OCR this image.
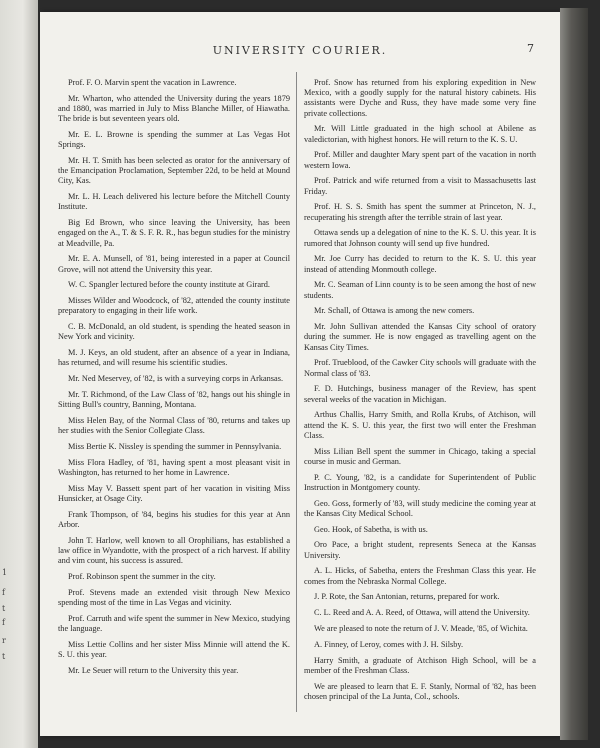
1
f
t
f
r
t
UNIVERSITY COURIER.	7

Prof. F. O. Marvin spent the vacation in Lawrence.

Mr. Wharton, who attended the University during the years 1879 and 1880, was married in July to Miss Blanche Miller, of Hiawatha. The bride is but seventeen years old.

Mr. E. L. Browne is spending the summer at Las Vegas Hot Springs.

Mr. H. T. Smith has been selected as orator for the anniversary of the Emancipation Proclamation, September 22d, to be held at Mound City, Kas.

Mr. L. H. Leach delivered his lecture before the Mitchell County Institute.

Big Ed Brown, who since leaving the University, has been engaged on the A., T. & S. F. R. R., has begun studies for the ministry at Meadville, Pa.

Mr. E. A. Munsell, of '81, being interested in a paper at Council Grove, will not attend the University this year.

W. C. Spangler lectured before the county institute at Girard.

Misses Wilder and Woodcock, of '82, attended the county institute preparatory to engaging in their life work.

C. B. McDonald, an old student, is spending the heated season in New York and vicinity.

M. J. Keys, an old student, after an absence of a year in Indiana, has returned, and will resume his scientific studies.

Mr. Ned Meservey, of '82, is with a surveying corps in Arkansas.

Mr. T. Richmond, of the Law Class of '82, hangs out his shingle in Sitting Bull's country, Banning, Montana.

Miss Helen Bay, of the Normal Class of '80, returns and takes up her studies with the Senior Collegiate Class.

Miss Bertie K. Nissley is spending the summer in Pennsylvania.

Miss Flora Hadley, of '81, having spent a most pleasant visit in Washington, has returned to her home in Lawrence.

Miss May V. Bassett spent part of her vacation in visiting Miss Hunsicker, at Osage City.

Frank Thompson, of '84, begins his studies for this year at Ann Arbor.

John T. Harlow, well known to all Orophilians, has established a law office in Wyandotte, with the prospect of a rich harvest. If ability and vim count, his success is assured.

Prof. Robinson spent the summer in the city.

Prof. Stevens made an extended visit through New Mexico spending most of the time in Las Vegas and vicinity.

Prof. Carruth and wife spent the summer in New Mexico, studying the language.

Miss Lettie Collins and her sister Miss Minnie will attend the K. S. U. this year.

Mr. Le Seuer will return to the University this year.

Prof. Snow has returned from his exploring expedition in New Mexico, with a goodly supply for the natural history cabinets. His assistants were Dyche and Russ, they have made some very fine private collections.

Mr. Will Little graduated in the high school at Abilene as valedictorian, with highest honors. He will return to the K. S. U.

Prof. Miller and daughter Mary spent part of the vacation in north western Iowa.

Prof. Patrick and wife returned from a visit to Massachusetts last Friday.

Prof. H. S. S. Smith has spent the summer at Princeton, N. J., recuperating his strength after the terrible strain of last year.

Ottawa sends up a delegation of nine to the K. S. U. this year. It is rumored that Johnson county will send up five hundred.

Mr. Joe Curry has decided to return to the K. S. U. this year instead of attending Monmouth college.

Mr. C. Seaman of Linn county is to be seen among the host of new students.

Mr. Schall, of Ottawa is among the new comers.

Mr. John Sullivan attended the Kansas City school of oratory during the summer. He is now engaged as travelling agent on the Kansas City Times.

Prof. Trueblood, of the Cawker City schools will graduate with the Normal class of '83.

F. D. Hutchings, business manager of the Review, has spent several weeks of the vacation in Michigan.

Arthus Challis, Harry Smith, and Rolla Krubs, of Atchison, will attend the K. S. U. this year, the first two will enter the Freshman Class.

Miss Lilian Bell spent the summer in Chicago, taking a special course in music and German.

P. C. Young, '82, is a candidate for Superintendent of Public Instruction in Montgomery county.

Geo. Goss, formerly of '83, will study medicine the coming year at the Kansas City Medical School.

Geo. Hook, of Sabetha, is with us.

Oro Pace, a bright student, represents Seneca at the Kansas University.

A. L. Hicks, of Sabetha, enters the Freshman Class this year. He comes from the Nebraska Normal College.

J. P. Rote, the San Antonian, returns, prepared for work.

C. L. Reed and A. A. Reed, of Ottawa, will attend the University.

We are pleased to note the return of J. V. Meade, '85, of Wichita.

A. Finney, of Leroy, comes with J. H. Silsby.

Harry Smith, a graduate of Atchison High School, will be a member of the Freshman Class.

We are pleased to learn that E. F. Stanly, Normal of '82, has been chosen principal of the La Junta, Col., schools.
